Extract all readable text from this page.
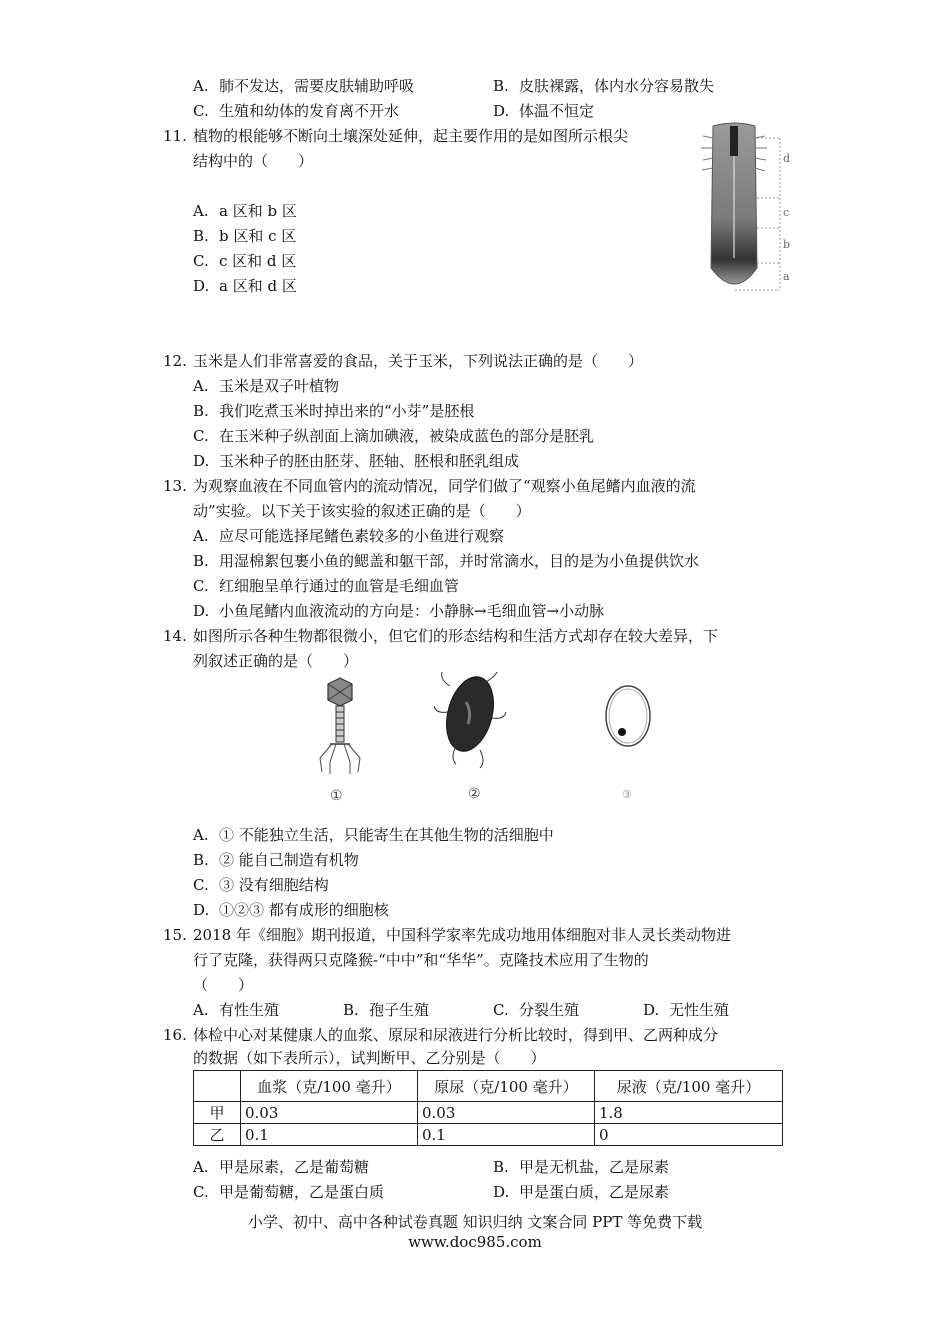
A. 肺不发达，需要皮肤辅助呼吸	B. 皮肤裸露，体内水分容易散失
C. 生殖和幼体的发育离不开水	D. 体温不恒定
11. 植物的根能够不断向土壤深处延伸，起主要作用的是如图所示根尖
结构中的（　　）
A. a 区和 b 区
B. b 区和 c 区
C. c 区和 d 区
D. a 区和 d 区
d
c
b
a
12. 玉米是人们非常喜爱的食品，关于玉米，下列说法正确的是（　　）
A. 玉米是双子叶植物
B. 我们吃煮玉米时掉出来的“小芽”是胚根
C. 在玉米种子纵剖面上滴加碘液，被染成蓝色的部分是胚乳
D. 玉米种子的胚由胚芽、胚轴、胚根和胚乳组成
13. 为观察血液在不同血管内的流动情况，同学们做了“观察小鱼尾鳍内血液的流
动”实验。以下关于该实验的叙述正确的是（　　）
A. 应尽可能选择尾鳍色素较多的小鱼进行观察
B. 用湿棉絮包裹小鱼的鳃盖和躯干部，并时常滴水，目的是为小鱼提供饮水
C. 红细胞呈单行通过的血管是毛细血管
D. 小鱼尾鳍内血液流动的方向是：小静脉→毛细血管→小动脉
14. 如图所示各种生物都很微小，但它们的形态结构和生活方式却存在较大差异，下
列叙述正确的是（　　）
①	②	③
A. ① 不能独立生活，只能寄生在其他生物的活细胞中
B. ② 能自己制造有机物
C. ③ 没有细胞结构
D. ①②③ 都有成形的细胞核
15. 2018 年《细胞》期刊报道，中国科学家率先成功地用体细胞对非人灵长类动物进
行了克隆，获得两只克隆猴-“中中”和“华华”。克隆技术应用了生物的
（　　）
A. 有性生殖	B. 孢子生殖	C. 分裂生殖	D. 无性生殖
16. 体检中心对某健康人的血浆、原尿和尿液进行分析比较时，得到甲、乙两种成分
的数据（如下表所示），试判断甲、乙分别是（　　）
	血浆（克/100 毫升）	原尿（克/100 毫升）	尿液（克/100 毫升）
甲	0.03	0.03	1.8
乙	0.1	0.1	0
A. 甲是尿素，乙是葡萄糖	B. 甲是无机盐，乙是尿素
C. 甲是葡萄糖，乙是蛋白质	D. 甲是蛋白质，乙是尿素
小学、初中、高中各种试卷真题 知识归纳 文案合同 PPT 等免费下载
www.doc985.com
